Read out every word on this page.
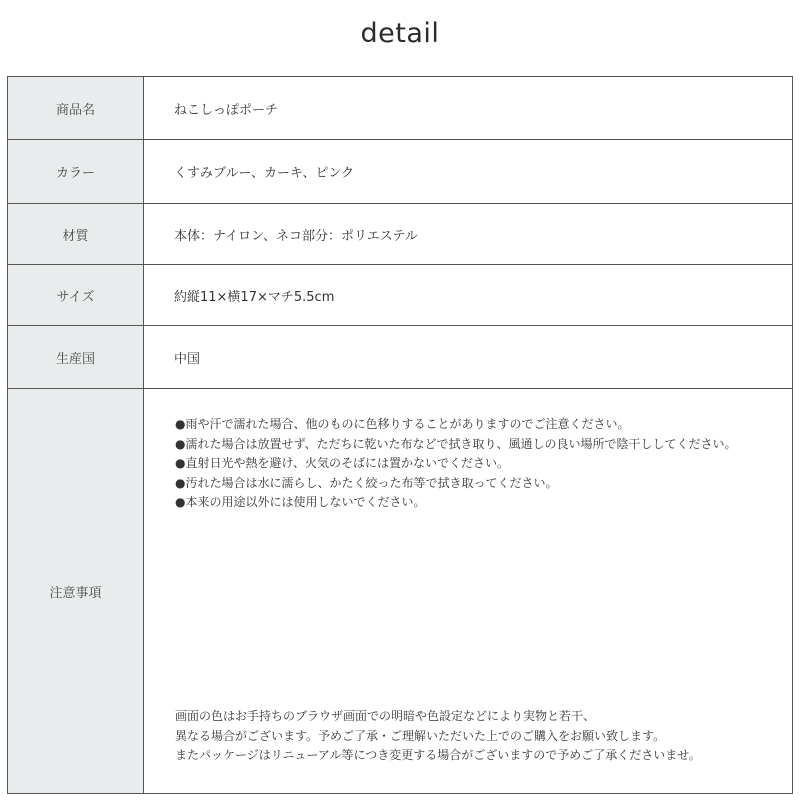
detail
商品名	ねこしっぽポーチ
カラー	くすみブルー、カーキ、ピンク
材質	本体：ナイロン、ネコ部分：ポリエステル
サイズ	約縦11×横17×マチ5.5cm
生産国	中国
注意事項
●雨や汗で濡れた場合、他のものに色移りすることがありますのでご注意ください。
●濡れた場合は放置せず、ただちに乾いた布などで拭き取り、風通しの良い場所で陰干ししてください。
●直射日光や熱を避け、火気のそばには置かないでください。
●汚れた場合は水に濡らし、かたく絞った布等で拭き取ってください。
●本来の用途以外には使用しないでください。
画面の色はお手持ちのブラウザ画面での明暗や色設定などにより実物と若干、
異なる場合がございます。予めご了承・ご理解いただいた上でのご購入をお願い致します。
またパッケージはリニューアル等につき変更する場合がございますので予めご了承くださいませ。
